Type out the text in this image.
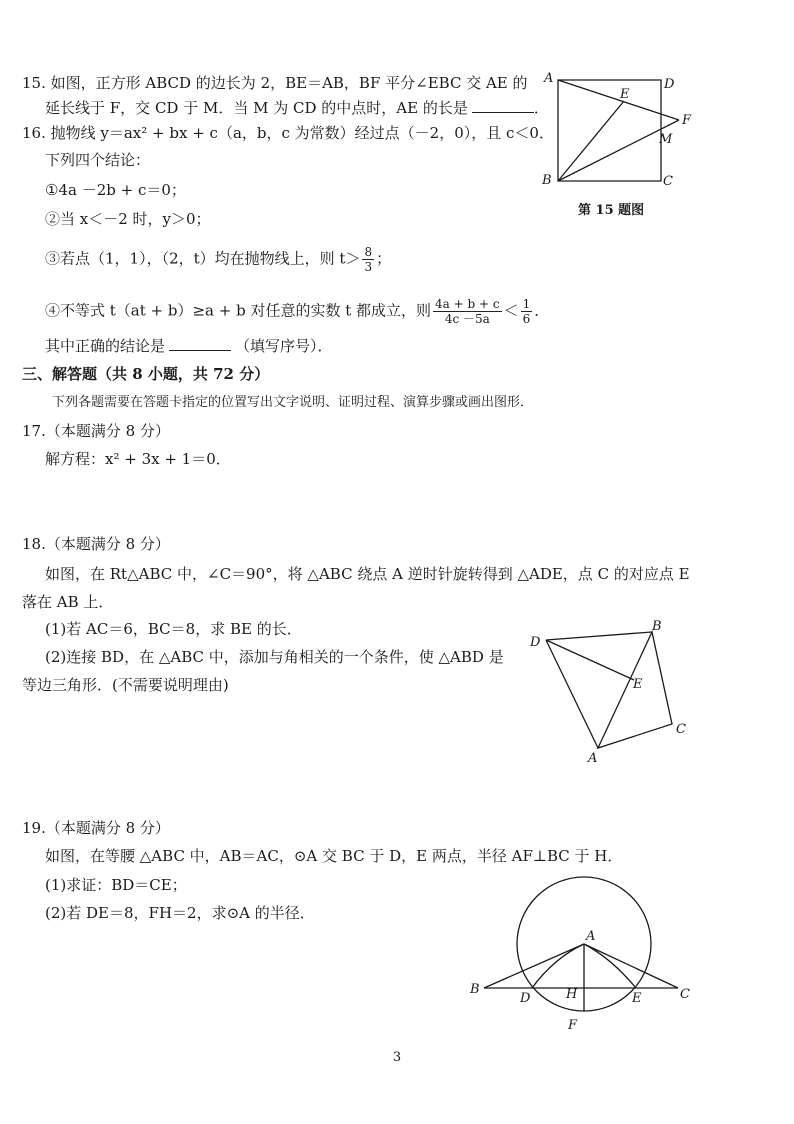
15. 如图，正方形 ABCD 的边长为 2，BE＝AB，BF 平分∠EBC 交 AE 的
延长线于 F，交 CD 于 M．当 M 为 CD 的中点时，AE 的长是	．
A	D
E
F
M
B	C
第 15 题图
16. 抛物线 y＝ax² + bx + c（a，b，c 为常数）经过点（－2，0），且 c＜0．
下列四个结论：
①4a －2b + c＝0；
②当 x＜－2 时，y＞0；
③若点（1，1），（2，t）均在抛物线上，则 $t> \frac{8}{3}$ ；
④不等式 t（at + b）≥a + b 对任意的实数 t 都成立，则 $\frac{4a + b + c}{4c -5a} < \frac{1}{6}$ ．
其中正确的结论是	（填写序号）．
三、解答题（共 8 小题，共 72 分）
下列各题需要在答题卡指定的位置写出文字说明、证明过程、演算步骤或画出图形．
17.（本题满分 8 分）
解方程：x² + 3x + 1＝0．
18.（本题满分 8 分）
如图，在 Rt△ABC 中，∠C＝90°，将 △ABC 绕点 A 逆时针旋转得到 △ADE，点 C 的对应点 E
落在 AB 上．
(1)若 AC＝6，BC＝8，求 BE 的长．
(2)连接 BD，在 △ABC 中，添加与角相关的一个条件，使 △ABD 是
等边三角形．(不需要说明理由)
D
B
E
C
A
19.（本题满分 8 分）
如图，在等腰 △ABC 中，AB＝AC，⊙A 交 BC 于 D，E 两点，半径 AF⊥BC 于 H．
(1)求证：BD＝CE；
(2)若 DE＝8，FH＝2，求⊙A 的半径．
A
B
D	H	E	C
F
3
